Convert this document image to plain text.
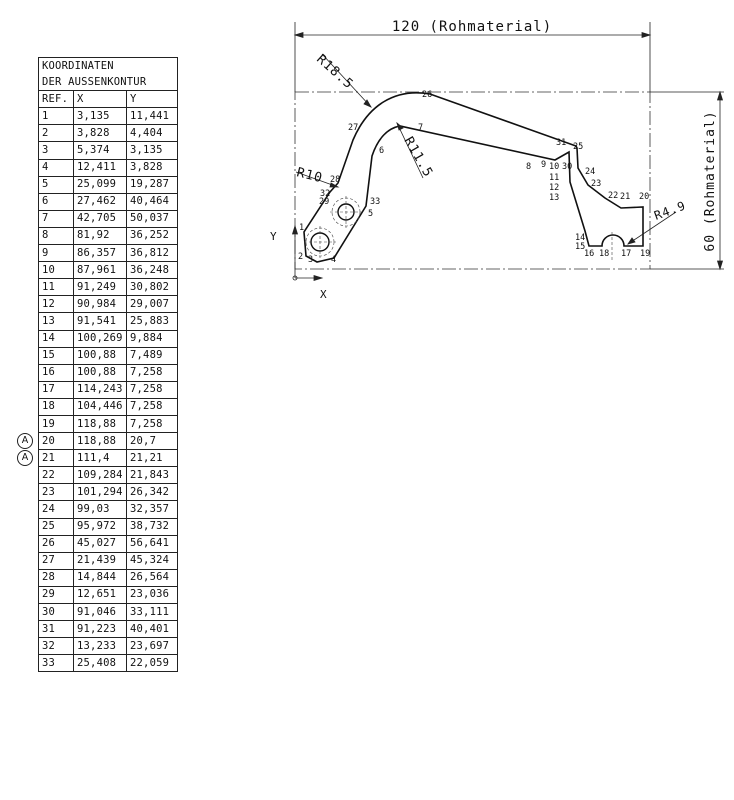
KOORDINATEN		
DER AUSSENKONTUR		
REF.	X	Y
1	3,135	11,441
2	3,828	4,404
3	5,374	3,135
4	12,411	3,828
5	25,099	19,287
6	27,462	40,464
7	42,705	50,037
8	81,92	36,252
9	86,357	36,812
10	87,961	36,248
11	91,249	30,802
12	90,984	29,007
13	91,541	25,883
14	100,269	9,884
15	100,88	7,489
16	100,88	7,258
17	114,243	7,258
18	104,446	7,258
19	118,88	7,258
20	118,88	20,7
21	111,4	21,21
22	109,284	21,843
23	101,294	26,342
24	99,03	32,357
25	95,972	38,732
26	45,027	56,641
27	21,439	45,324
28	14,844	26,564
29	12,651	23,036
30	91,046	33,111
31	91,223	40,401
32	13,233	23,697
33	25,408	22,059
120 (Rohmaterial)
60 (Rohmaterial)
R18.5
R11.5
R10
R4.9
Y
X
1
2 3 4
5
6
7
8 9 10
11
12
13
14
15
16	17
18	19
20
21
22
23
24
25
26
27
28
29
30
31
32
33
A
A
